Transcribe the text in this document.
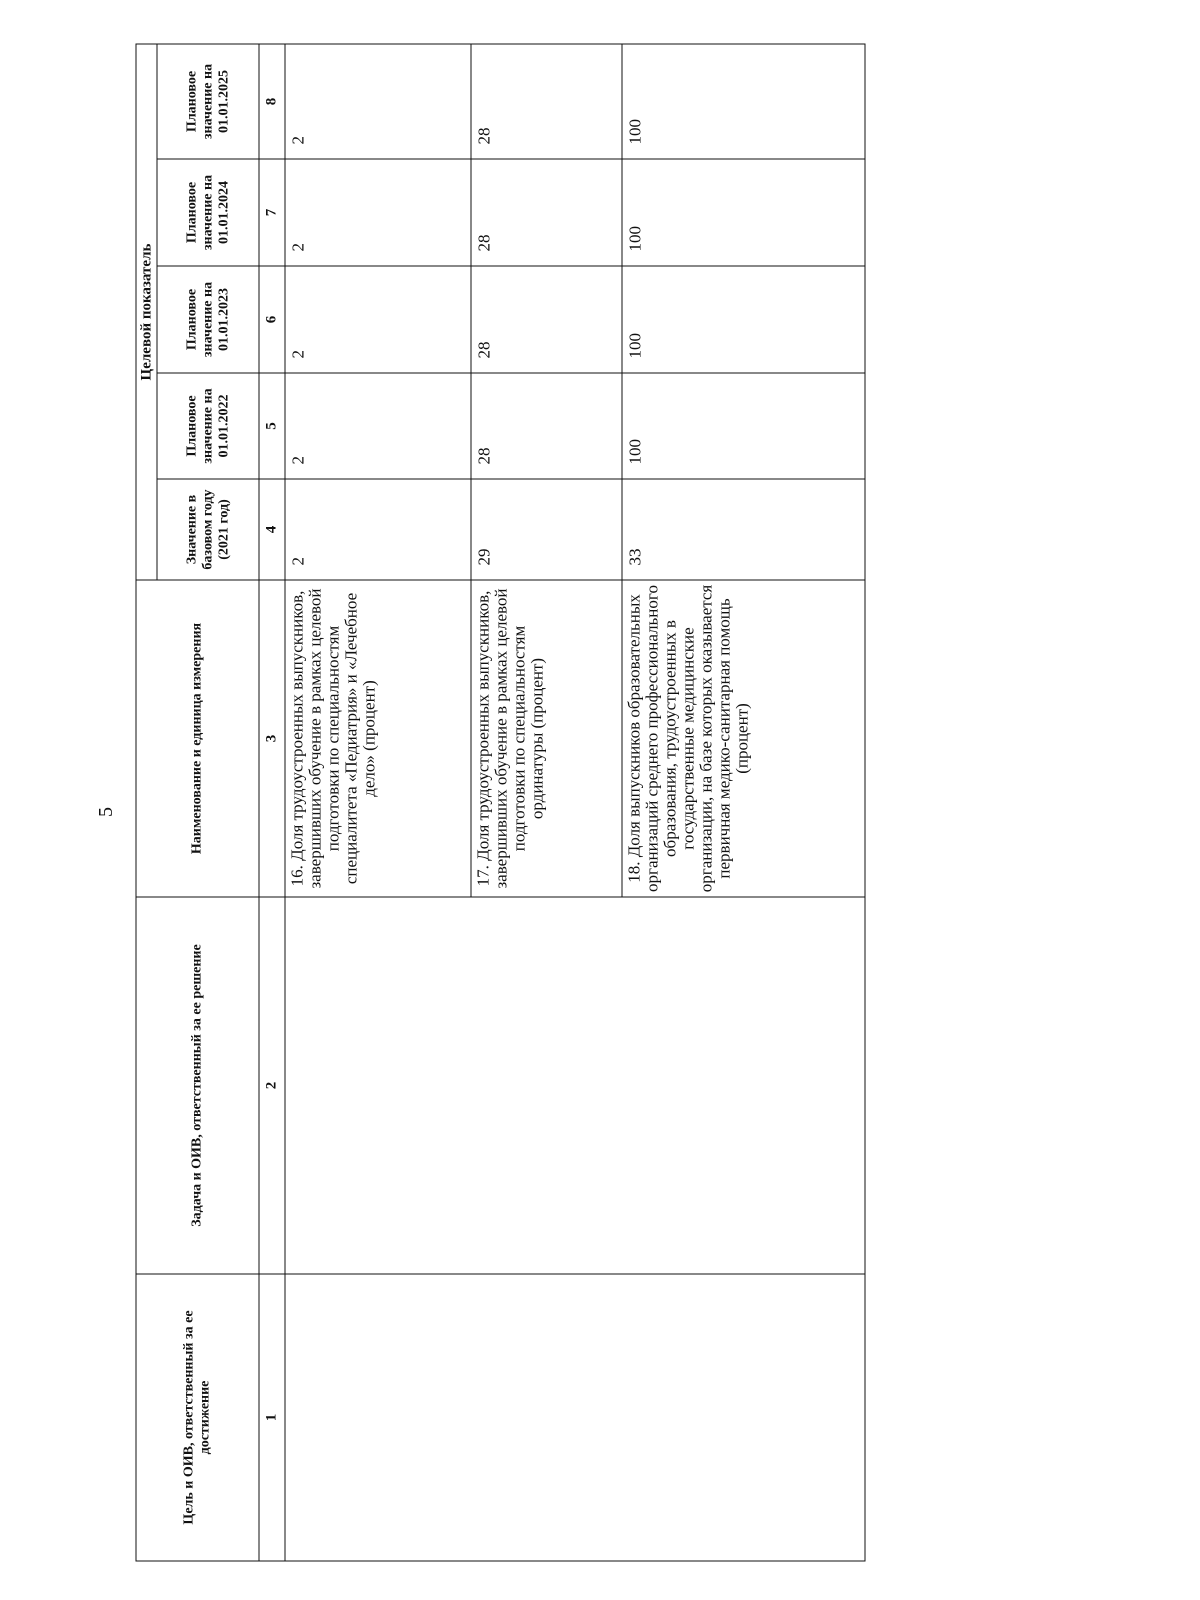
5
Цель и ОИВ, ответственный за ее достижение	Задача и ОИВ, ответственный за ее решение	Наименование и единица измерения	Целевой показатель				
			Значение в базовом году (2021 год)	Плановое значение на 01.01.2022	Плановое значение на 01.01.2023	Плановое значение на 01.01.2024	Плановое значение на 01.01.2025
1	2	3	4	5	6	7	8
		16. Доля трудоустроенных выпускников, завершивших обучение в рамках целевой подготовки по специальностям специалитета «Педиатрия» и «Лечебное дело» (процент)	2	2	2	2	2
		17. Доля трудоустроенных выпускников, завершивших обучение в рамках целевой подготовки по специальностям ординатуры (процент)	29	28	28	28	28
		18. Доля выпускников образовательных организаций среднего профессионального образования, трудоустроенных в государственные медицинские организации, на базе которых оказывается первичная медико-санитарная помощь (процент)	33	100	100	100	100
